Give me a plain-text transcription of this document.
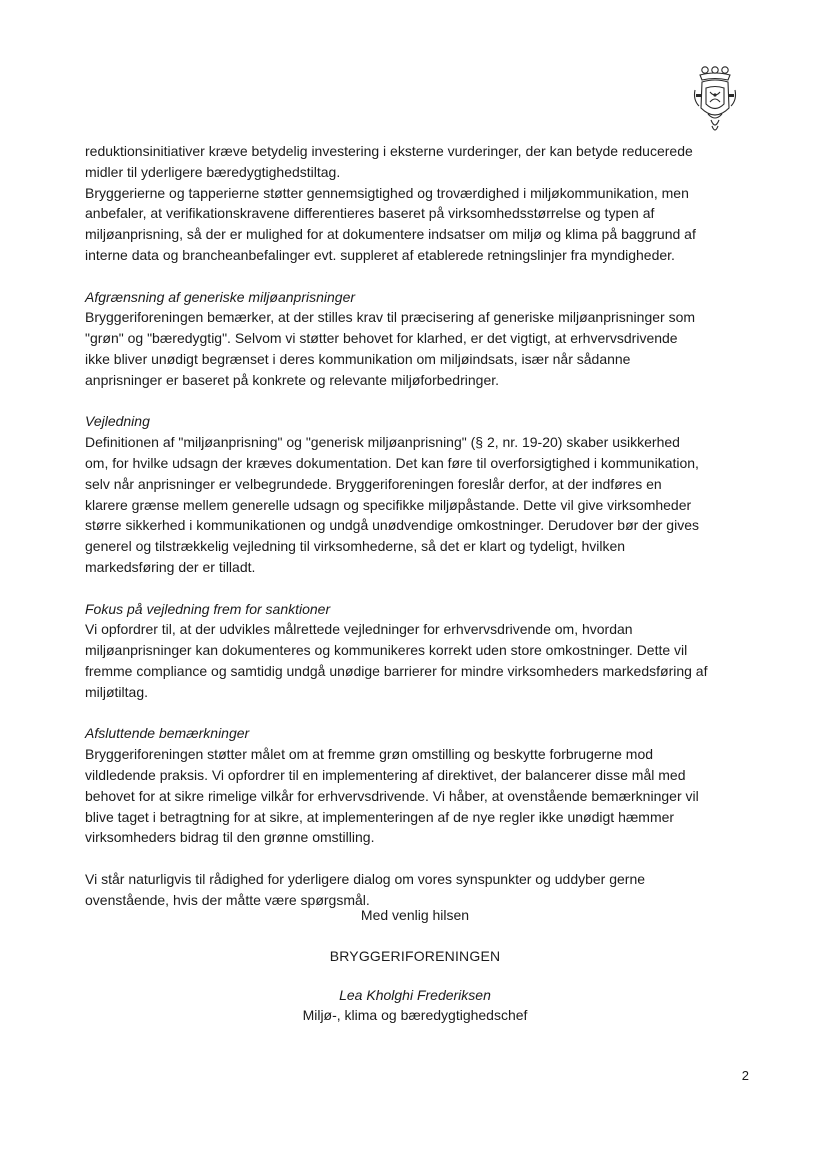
reduktionsinitiativer kræve betydelig investering i eksterne vurderinger, der kan betyde reducerede

midler til yderligere bæredygtighedstiltag.

Bryggerierne og tapperierne støtter gennemsigtighed og troværdighed i miljøkommunikation, men

anbefaler, at verifikationskravene differentieres baseret på virksomhedsstørrelse og typen af

miljøanprisning, så der er mulighed for at dokumentere indsatser om miljø og klima på baggrund af

interne data og brancheanbefalinger evt. suppleret af etablerede retningslinjer fra myndigheder.

Afgrænsning af generiske miljøanprisninger

Bryggeriforeningen bemærker, at der stilles krav til præcisering af generiske miljøanprisninger som

"grøn" og "bæredygtig". Selvom vi støtter behovet for klarhed, er det vigtigt, at erhvervsdrivende

ikke bliver unødigt begrænset i deres kommunikation om miljøindsats, især når sådanne

anprisninger er baseret på konkrete og relevante miljøforbedringer.

Vejledning

Definitionen af "miljøanprisning" og "generisk miljøanprisning" (§ 2, nr. 19-20) skaber usikkerhed

om, for hvilke udsagn der kræves dokumentation. Det kan føre til overforsigtighed i kommunikation,

selv når anprisninger er velbegrundede. Bryggeriforeningen foreslår derfor, at der indføres en

klarere grænse mellem generelle udsagn og specifikke miljøpåstande. Dette vil give virksomheder

større sikkerhed i kommunikationen og undgå unødvendige omkostninger. Derudover bør der gives

generel og tilstrækkelig vejledning til virksomhederne, så det er klart og tydeligt, hvilken

markedsføring der er tilladt.

Fokus på vejledning frem for sanktioner

Vi opfordrer til, at der udvikles målrettede vejledninger for erhvervsdrivende om, hvordan

miljøanprisninger kan dokumenteres og kommunikeres korrekt uden store omkostninger. Dette vil

fremme compliance og samtidig undgå unødige barrierer for mindre virksomheders markedsføring af

miljøtiltag.

Afsluttende bemærkninger

Bryggeriforeningen støtter målet om at fremme grøn omstilling og beskytte forbrugerne mod

vildledende praksis. Vi opfordrer til en implementering af direktivet, der balancerer disse mål med

behovet for at sikre rimelige vilkår for erhvervsdrivende. Vi håber, at ovenstående bemærkninger vil

blive taget i betragtning for at sikre, at implementeringen af de nye regler ikke unødigt hæmmer

virksomheders bidrag til den grønne omstilling.

Vi står naturligvis til rådighed for yderligere dialog om vores synspunkter og uddyber gerne

ovenstående, hvis der måtte være spørgsmål.

Med venlig hilsen
BRYGGERIFORENINGEN
Lea Kholghi Frederiksen
Miljø-, klima og bæredygtighedschef
2
